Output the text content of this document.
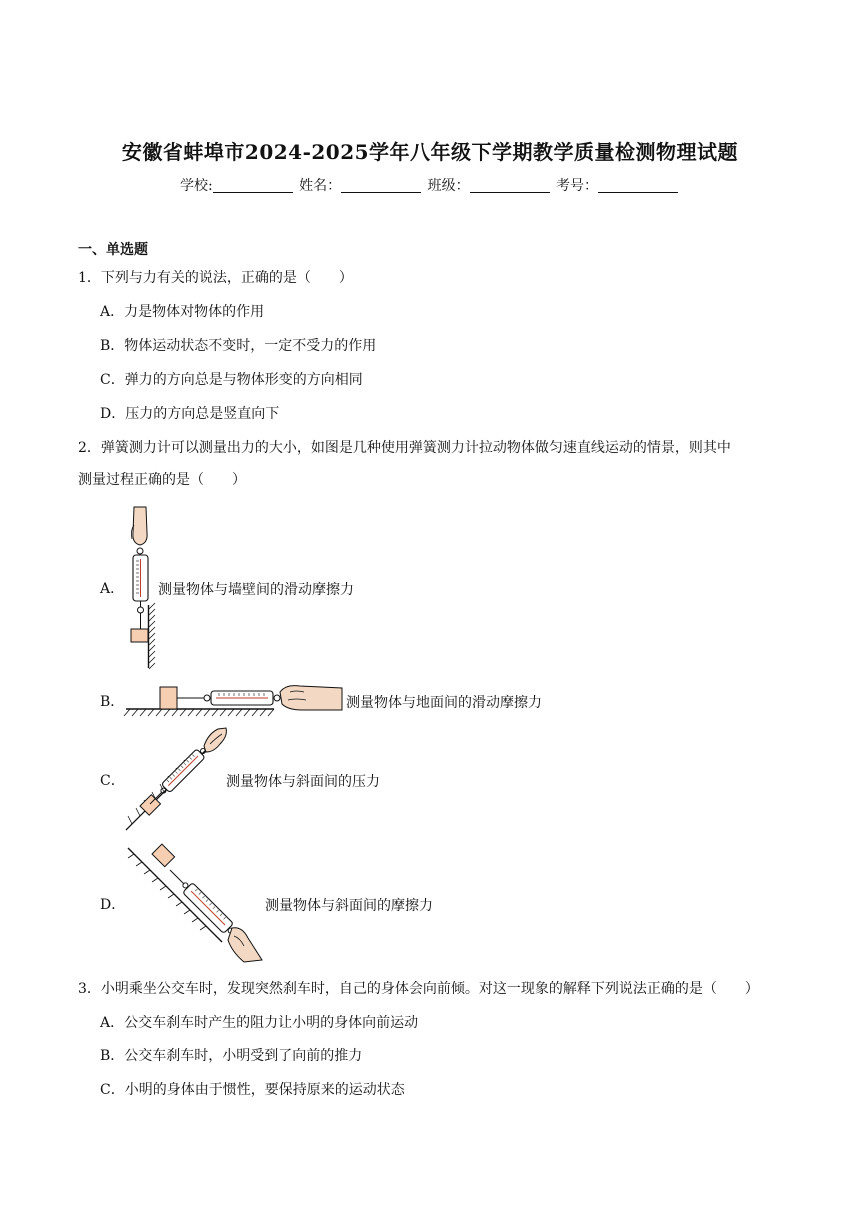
安徽省蚌埠市2024-2025学年八年级下学期教学质量检测物理试题
学校:	姓名：	班级：	考号：
一、单选题
1．下列与力有关的说法，正确的是（　　）
A．力是物体对物体的作用
B．物体运动状态不变时，一定不受力的作用
C．弹力的方向总是与物体形变的方向相同
D．压力的方向总是竖直向下
2．弹簧测力计可以测量出力的大小，如图是几种使用弹簧测力计拉动物体做匀速直线运动的情景，则其中
测量过程正确的是（　　）
A． 测量物体与墙壁间的滑动摩擦力
B．	测量物体与地面间的滑动摩擦力
C．	测量物体与斜面间的压力
D．	测量物体与斜面间的摩擦力
3．小明乘坐公交车时，发现突然刹车时，自己的身体会向前倾。对这一现象的解释下列说法正确的是（　　）
A．公交车刹车时产生的阻力让小明的身体向前运动
B．公交车刹车时，小明受到了向前的推力
C．小明的身体由于惯性，要保持原来的运动状态
